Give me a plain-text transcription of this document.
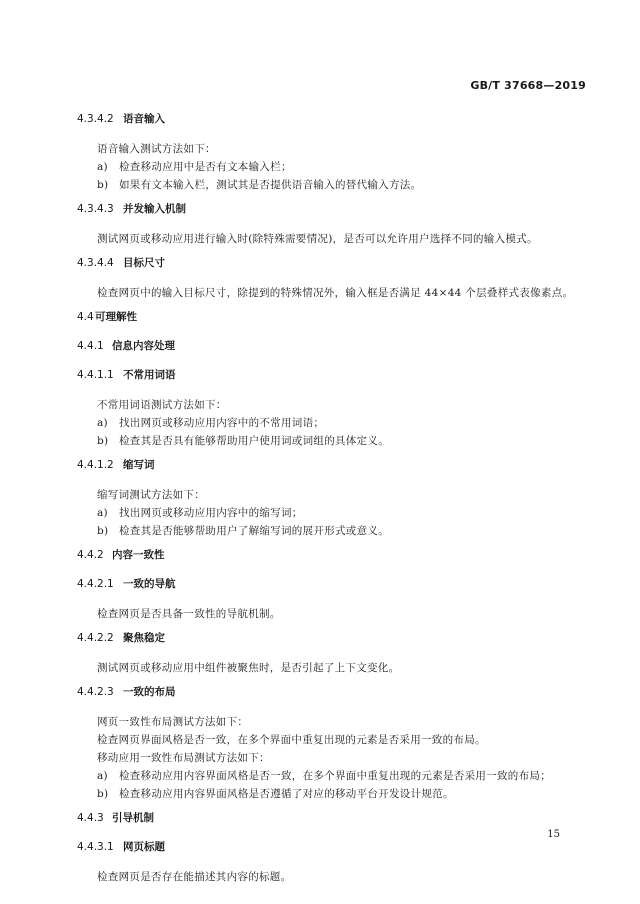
GB/T 37668—2019
4.3.4.2 语音输入
语音输入测试方法如下：
a) 检查移动应用中是否有文本输入栏；
b) 如果有文本输入栏，测试其是否提供语音输入的替代输入方法。
4.3.4.3 并发输入机制
测试网页或移动应用进行输入时(除特殊需要情况)，是否可以允许用户选择不同的输入模式。
4.3.4.4 目标尺寸
检查网页中的输入目标尺寸，除提到的特殊情况外，输入框是否满足 44×44 个层叠样式表像素点。
4.4可理解性
4.4.1 信息内容处理
4.4.1.1 不常用词语
不常用词语测试方法如下：
a) 找出网页或移动应用内容中的不常用词语；
b) 检查其是否具有能够帮助用户使用词或词组的具体定义。
4.4.1.2 缩写词
缩写词测试方法如下：
a) 找出网页或移动应用内容中的缩写词；
b) 检查其是否能够帮助用户了解缩写词的展开形式或意义。
4.4.2 内容一致性
4.4.2.1 一致的导航
检查网页是否具备一致性的导航机制。
4.4.2.2 聚焦稳定
测试网页或移动应用中组件被聚焦时，是否引起了上下文变化。
4.4.2.3 一致的布局
网页一致性布局测试方法如下：
检查网页界面风格是否一致，在多个界面中重复出现的元素是否采用一致的布局。
移动应用一致性布局测试方法如下：
a) 检查移动应用内容界面风格是否一致，在多个界面中重复出现的元素是否采用一致的布局；
b) 检查移动应用内容界面风格是否遵循了对应的移动平台开发设计规范。
4.4.3 引导机制
4.4.3.1 网页标题
检查网页是否存在能描述其内容的标题。
15
